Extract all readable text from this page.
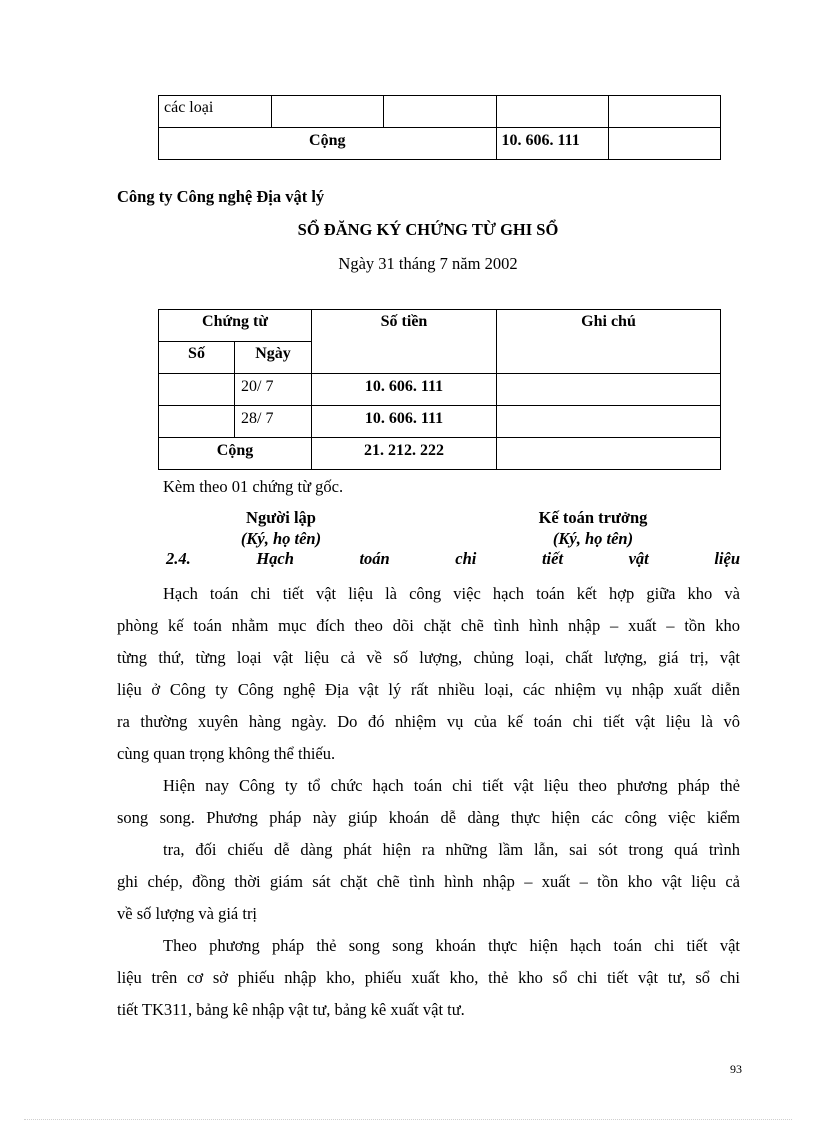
các loại				

Cộng			10. 606. 111	

Công ty Công nghệ Địa vật lý
SỔ ĐĂNG KÝ CHỨNG TỪ GHI SỔ
Ngày 31 tháng 7 năm 2002
Chứng từ		Số tiền	Ghi chú

Số	Ngày		

	20/ 7	10. 606. 111	

	28/ 7	10. 606. 111	

Cộng		21. 212. 222	

Kèm theo 01 chứng từ gốc.
Người lập
(Ký, họ tên)
Kế toán trưởng
(Ký, họ tên)
2.4.	Hạch	toán	chi	tiết	vật	liệu
Hạch toán chi tiết vật liệu là công việc hạch toán kết hợp giữa kho và
phòng kế toán nhằm mục đích theo dõi chặt chẽ tình hình nhập – xuất – tồn kho
từng thứ, từng loại vật liệu cả về số lượng, chủng loại, chất lượng, giá trị, vật
liệu ở Công ty Công nghệ Địa vật lý rất nhiều loại, các nhiệm vụ nhập xuất diễn
ra thường xuyên hàng ngày. Do đó nhiệm vụ của kế toán chi tiết vật liệu là vô
cùng quan trọng không thể thiếu.
Hiện nay Công ty tổ chức hạch toán chi tiết vật liệu theo phương pháp thẻ
song song. Phương pháp này giúp khoán dễ dàng thực hiện các công việc kiểm
tra, đối chiếu dễ dàng phát hiện ra những lầm lẫn, sai sót trong quá trình
ghi chép, đồng thời giám sát chặt chẽ tình hình nhập – xuất – tồn kho vật liệu cả
về số lượng và giá trị
Theo phương pháp thẻ song song khoán thực hiện hạch toán chi tiết vật
liệu trên cơ sở phiếu nhập kho, phiếu xuất kho, thẻ kho sổ chi tiết vật tư, sổ chi
tiết TK311, bảng kê nhập vật tư, bảng kê xuất vật tư.
93
